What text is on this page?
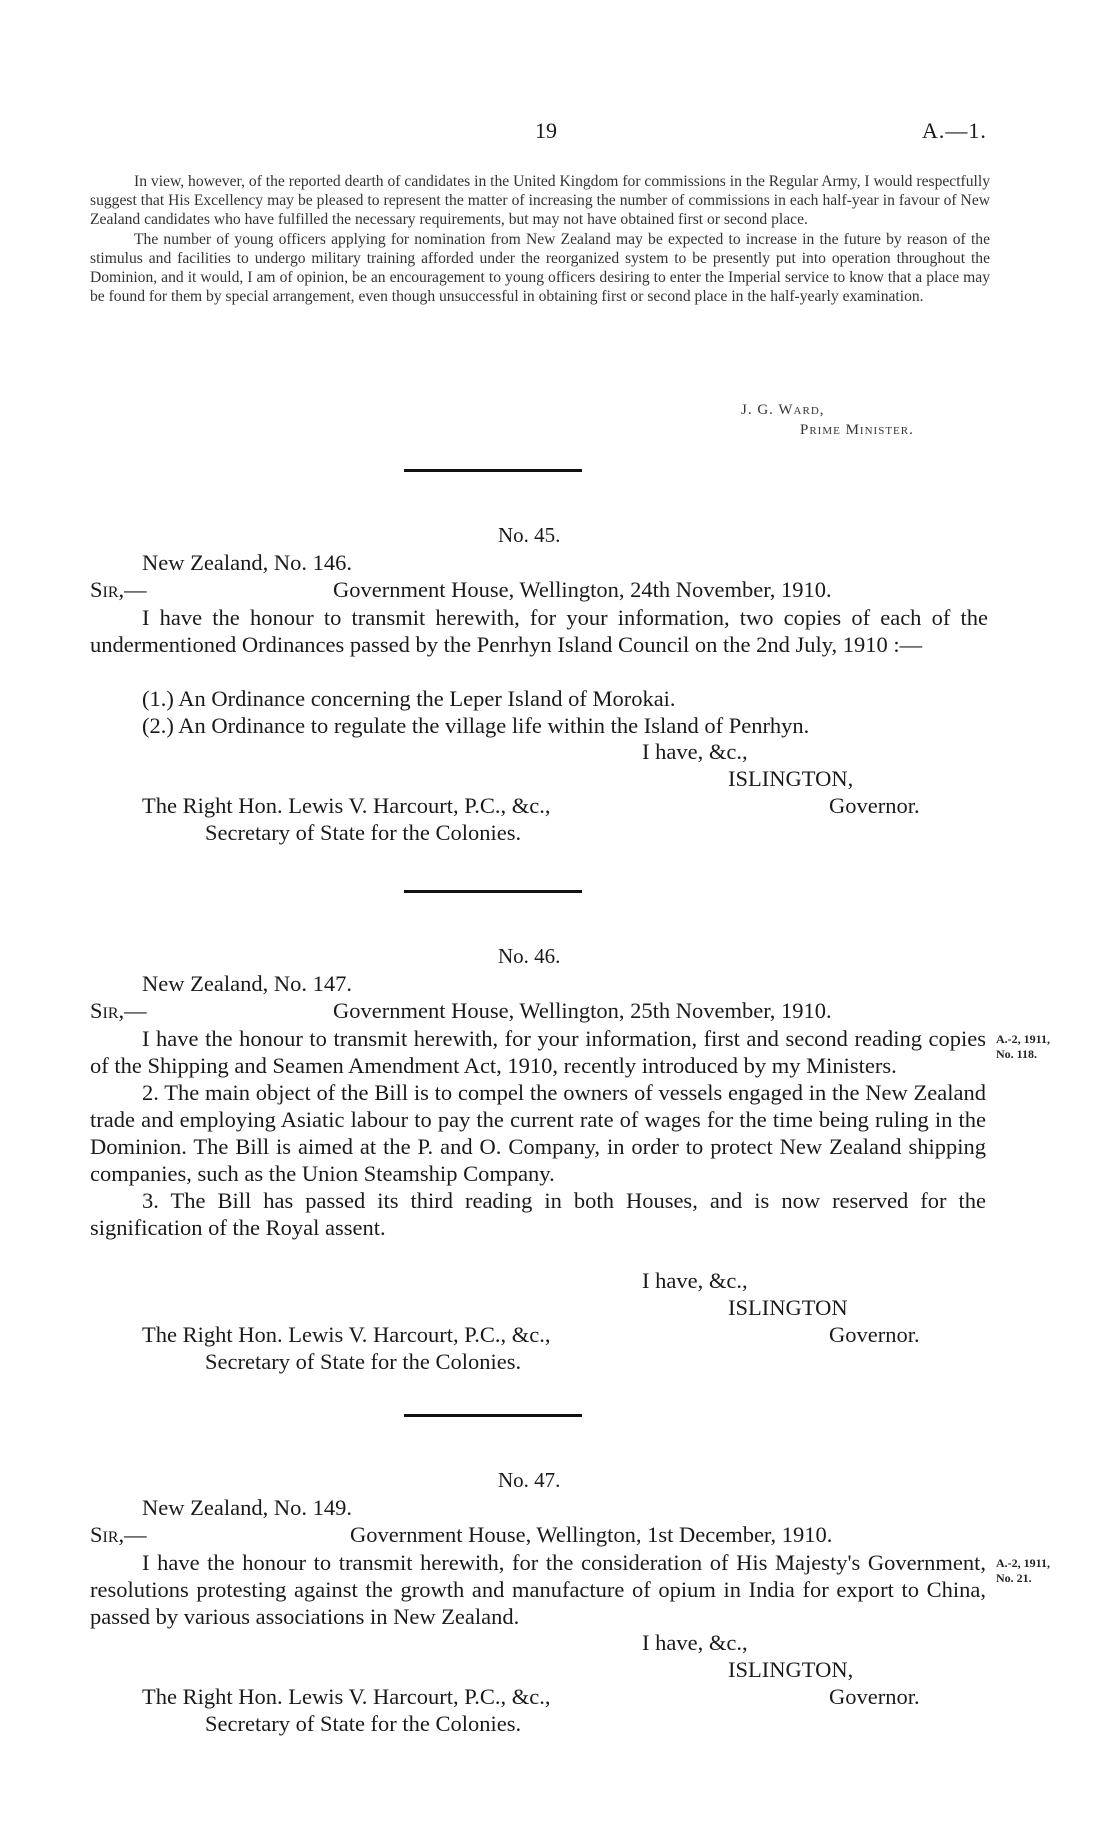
19	A.—1.

In view, however, of the reported dearth of candidates in the United Kingdom for commissions in the Regular Army, I would respectfully suggest that His Excellency may be pleased to represent the matter of increasing the number of commissions in each half-year in favour of New Zealand candidates who have fulfilled the necessary requirements, but may not have obtained first or second place.

The number of young officers applying for nomination from New Zealand may be expected to increase in the future by reason of the stimulus and facilities to undergo military training afforded under the reorganized system to be presently put into operation throughout the Dominion, and it would, I am of opinion, be an encouragement to young officers desiring to enter the Imperial service to know that a place may be found for them by special arrangement, even though unsuccessful in obtaining first or second place in the half-yearly examination.

J. G. Ward,
Prime Minister.
No. 45.
New Zealand, No. 146.
Sir,—	Government House, Wellington, 24th November, 1910.

I have the honour to transmit herewith, for your information, two copies of each of the undermentioned Ordinances passed by the Penrhyn Island Council on the 2nd July, 1910 :—

(1.) An Ordinance concerning the Leper Island of Morokai.
(2.) An Ordinance to regulate the village life within the Island of Penrhyn.
I have, &c.,
ISLINGTON,
The Right Hon. Lewis V. Harcourt, P.C., &c.,	Governor.
Secretary of State for the Colonies.
No. 46.
New Zealand, No. 147.
Sir,—	Government House, Wellington, 25th November, 1910.

I have the honour to transmit herewith, for your information, first and second reading copies of the Shipping and Seamen Amendment Act, 1910, recently introduced by my Ministers.

2. The main object of the Bill is to compel the owners of vessels engaged in the New Zealand trade and employing Asiatic labour to pay the current rate of wages for the time being ruling in the Dominion. The Bill is aimed at the P. and O. Company, in order to protect New Zealand shipping companies, such as the Union Steamship Company.

3. The Bill has passed its third reading in both Houses, and is now reserved for the signification of the Royal assent.

A.-2, 1911,
No. 118.
I have, &c.,
ISLINGTON
The Right Hon. Lewis V. Harcourt, P.C., &c.,	Governor.
Secretary of State for the Colonies.
No. 47.
New Zealand, No. 149.
Sir,—	Government House, Wellington, 1st December, 1910.

I have the honour to transmit herewith, for the consideration of His Majesty's Government, resolutions protesting against the growth and manufacture of opium in India for export to China, passed by various associations in New Zealand.

A.-2, 1911,
No. 21.
I have, &c.,
ISLINGTON,
The Right Hon. Lewis V. Harcourt, P.C., &c.,	Governor.
Secretary of State for the Colonies.
